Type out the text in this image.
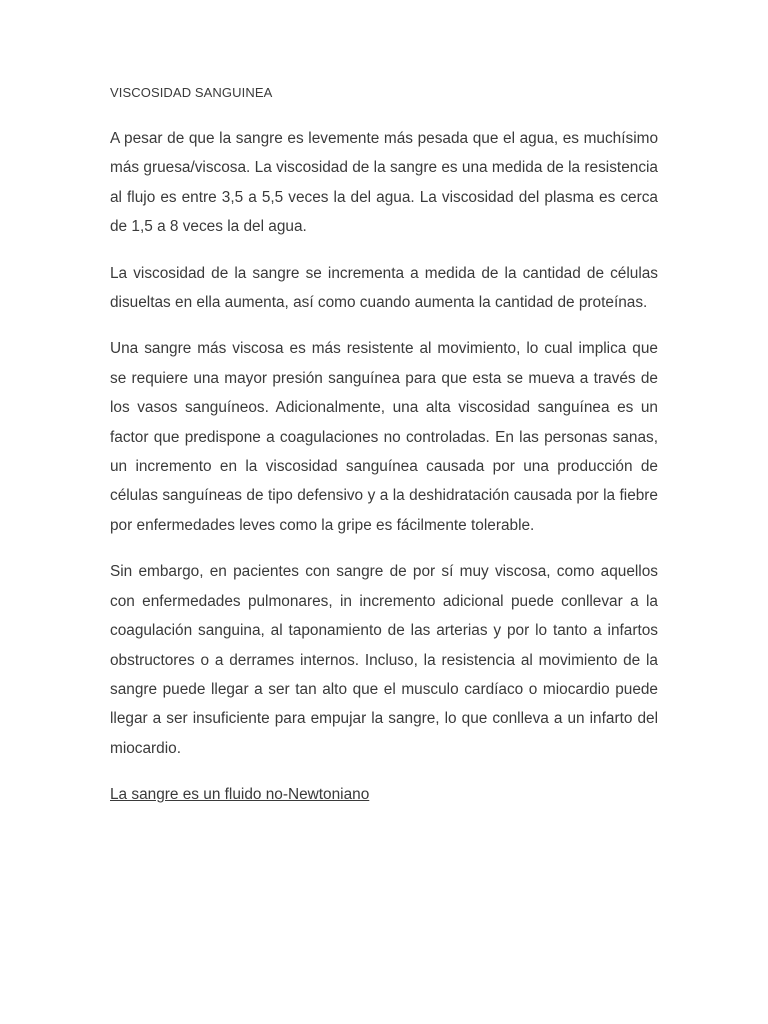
VISCOSIDAD SANGUINEA

A pesar de que la sangre es levemente más pesada que el agua, es muchísimo más gruesa/viscosa. La viscosidad de la sangre es una medida de la resistencia al flujo es entre 3,5 a 5,5 veces la del agua. La viscosidad del plasma es cerca de 1,5 a 8 veces la del agua.

La viscosidad de la sangre se incrementa a medida de la cantidad de células disueltas en ella aumenta, así como cuando aumenta la cantidad de proteínas.

Una sangre más viscosa es más resistente al movimiento, lo cual implica que se requiere una mayor presión sanguínea para que esta se mueva a través de los vasos sanguíneos. Adicionalmente, una alta viscosidad sanguínea es un factor que predispone a coagulaciones no controladas. En las personas sanas, un incremento en la viscosidad sanguínea causada por una producción de células sanguíneas de tipo defensivo y a la deshidratación causada por la fiebre por enfermedades leves como la gripe es fácilmente tolerable.

Sin embargo, en pacientes con sangre de por sí muy viscosa, como aquellos con enfermedades pulmonares, in incremento adicional puede conllevar a la coagulación sanguina, al taponamiento de las arterias y por lo tanto a infartos obstructores o a derrames internos. Incluso, la resistencia al movimiento de la sangre puede llegar a ser tan alto que el musculo cardíaco o miocardio puede llegar a ser insuficiente para empujar la sangre, lo que conlleva a un infarto del miocardio.

La sangre es un fluido no-Newtoniano
